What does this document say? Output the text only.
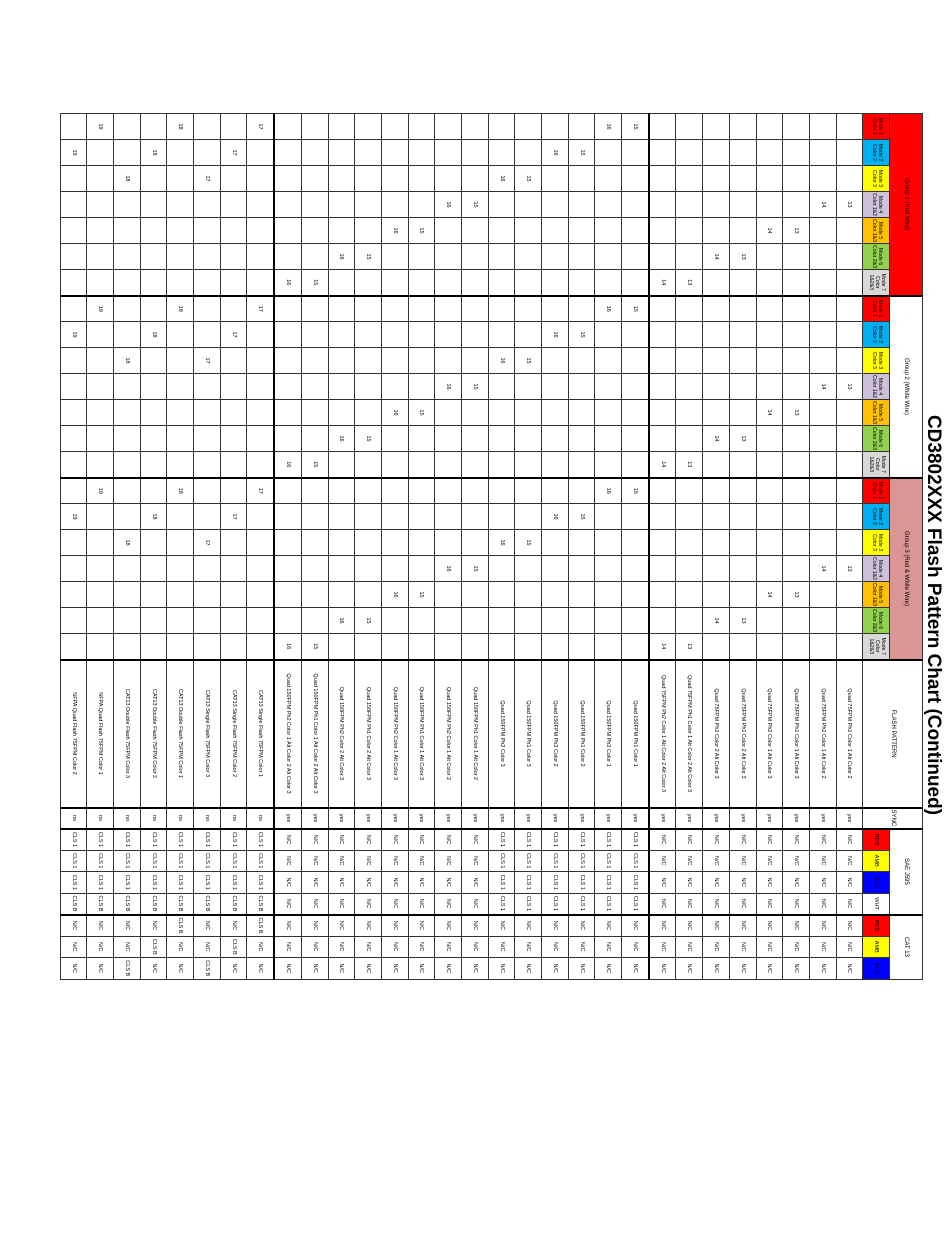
CD3802XXX Flash Pattern Chart (Continued)
Group 1 (Red Wire)							Group 2 (White Wire)							Group 3 (Red & White Wire)							FLASH PATTERN	SYNC	SAE J595				CAT 13		
Mode 1 Color 1	Mode 2 Color 2	Mode 3 Color 3	Mode 4 Color 1&2	Mode 5 Color 1&3	Mode 6 Color 2&3	Mode 7 Color 1&2&3	Mode 1 Color 1	Mode 2 Color 2	Mode 3 Color 3	Mode 4 Color 1&2	Mode 5 Color 1&3	Mode 6 Color 2&3	Mode 7 Color 1&2&3	Mode 1 Color 1	Mode 2 Color 2	Mode 3 Color 3	Mode 4 Color 1&2	Mode 5 Color 1&3	Mode 6 Color 2&3	Mode 7 Color 1&2&3			RED	AMB	BLU	WHT	RED	AMB	BLU
			13							13							13				Quad 75FPM Ph1 Color 1 Alt Color 2	yes	N/C	N/C	N/C	N/C	N/C	N/C	N/C
			14							14							14				Quad 75FPM Ph2 Color 1 Alt Color 2	yes	N/C	N/C	N/C	N/C	N/C	N/C	N/C
				13							13							13			Quad 75FPM Ph1 Color 1 Alt Color 3	yes	N/C	N/C	N/C	N/C	N/C	N/C	N/C
				14							14							14			Quad 75FPM Ph2 Color 1 Alt Color 3	yes	N/C	N/C	N/C	N/C	N/C	N/C	N/C
					13							13							13		Quad 75FPM Ph1 Color 2 Alt Color 3	yes	N/C	N/C	N/C	N/C	N/C	N/C	N/C
					14							14							14		Quad 75FPM Ph2 Color 2 Alt Color 3	yes	N/C	N/C	N/C	N/C	N/C	N/C	N/C
						13							13							13	Quad 75FPM Ph1 Color 1 Alt Color 2 Alt Color 3	yes	N/C	N/C	N/C	N/C	N/C	N/C	N/C
						14							14							14	Quad 75FPM Ph2 Color 1 Alt Color 2 Alt Color 3	yes	N/C	N/C	N/C	N/C	N/C	N/C	N/C
15							15							15							Quad 150FPM Ph1 Color 1	yes	CLS 1	CLS 1	CLS 1	CLS 1	N/C	N/C	N/C
16							16							16							Quad 150FPM Ph2 Color 1	yes	CLS 1	CLS 1	CLS 1	CLS 1	N/C	N/C	N/C
	15							15							15						Quad 150FPM Ph1 Color 2	yes	CLS 1	CLS 1	CLS 1	CLS 1	N/C	N/C	N/C
	16							16							16						Quad 150FPM Ph2 Color 2	yes	CLS 1	CLS 1	CLS 1	CLS 1	N/C	N/C	N/C
		15							15							15					Quad 150FPM Ph1 Color 3	yes	CLS 1	CLS 1	CLS 1	CLS 1	N/C	N/C	N/C
		16							16							16					Quad 150FPM Ph2 Color 3	yes	CLS 1	CLS 1	CLS 1	CLS 1	N/C	N/C	N/C
			15							15							15				Quad 150FPM Ph1 Color 1 Alt Color 2	yes	N/C	N/C	N/C	N/C	N/C	N/C	N/C
			16							16							16				Quad 150FPM Ph2 Color 1 Alt Color 2	yes	N/C	N/C	N/C	N/C	N/C	N/C	N/C
				15							15							15			Quad 150FPM Ph1 Color 1 Alt Color 3	yes	N/C	N/C	N/C	N/C	N/C	N/C	N/C
				16							16							16			Quad 150FPM Ph2 Color 1 Alt Color 3	yes	N/C	N/C	N/C	N/C	N/C	N/C	N/C
					15							15							15		Quad 150FPM Ph1 Color 2 Alt Color 3	yes	N/C	N/C	N/C	N/C	N/C	N/C	N/C
					16							16							16		Quad 150FPM Ph2 Color 2 Alt Color 3	yes	N/C	N/C	N/C	N/C	N/C	N/C	N/C
						15							15							15	Quad 150FPM Ph1 Color 1 Alt Color 2 Alt Color 3	yes	N/C	N/C	N/C	N/C	N/C	N/C	N/C
						16							16							16	Quad 150FPM Ph2 Color 1 Alt Color 2 Alt Color 3	yes	N/C	N/C	N/C	N/C	N/C	N/C	N/C
17							17							17							CAT13 Single Flash 75FPM Color 1	no	CLS 1	CLS 1	CLS 1	CLS B	CLS B	N/C	N/C
	17							17							17						CAT13 Single Flash 75FPM Color 2	no	CLS 1	CLS 1	CLS 1	CLS B	N/C	CLS B	N/C
		17							17							17					CAT13 Single Flash 75FPM Color 3	no	CLS 1	CLS 1	CLS 1	CLS B	N/C	N/C	CLS B
18							18							18							CAT13 Double Flash 75FPM Color 1	no	CLS 1	CLS 1	CLS 1	CLS B	CLS B	N/C	N/C
	18							18							18						CAT13 Double Flash 75FPM Color 2	no	CLS 1	CLS 1	CLS 1	CLS B	N/C	CLS B	N/C
		18							18							18					CAT13 Double Flash 75FPM Color 3	no	CLS 1	CLS 1	CLS 1	CLS B	N/C	N/C	CLS B
19							19							19							NFPA Quad Flash 75FPM Color 1	no	CLS 1	CLS 1	CLS 1	CLS B	N/C	N/C	N/C
	19							19							19						NFPA Quad Flash 75FPM Color 2	no	CLS 1	CLS 1	CLS 1	CLS B	N/C	N/C	N/C
